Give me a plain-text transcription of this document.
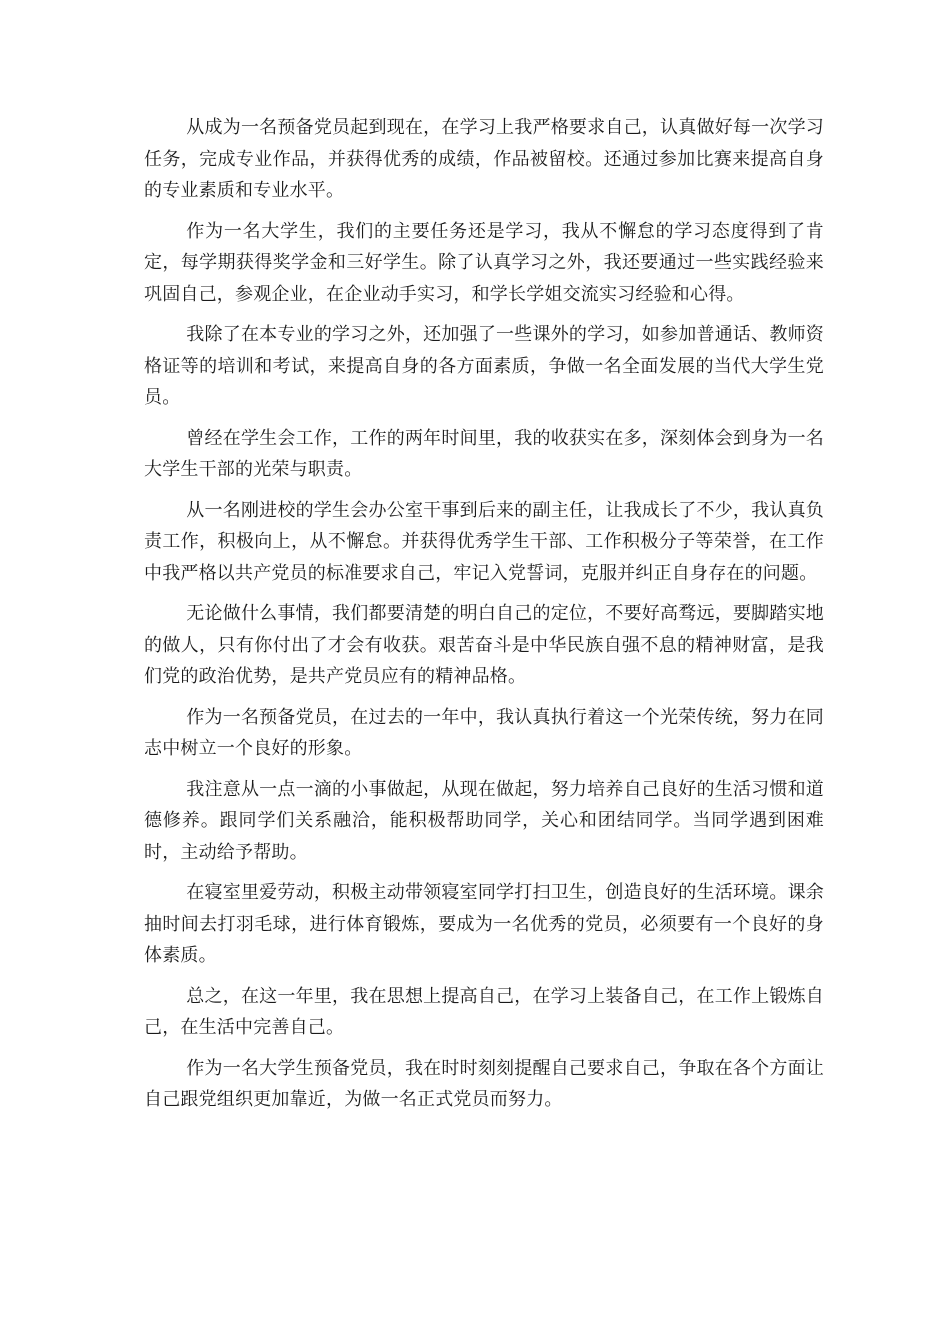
从成为一名预备党员起到现在，在学习上我严格要求自己，认真做好每一次学习任务，完成专业作品，并获得优秀的成绩，作品被留校。还通过参加比赛来提高自身的专业素质和专业水平。

作为一名大学生，我们的主要任务还是学习，我从不懈怠的学习态度得到了肯定，每学期获得奖学金和三好学生。除了认真学习之外，我还要通过一些实践经验来巩固自己，参观企业，在企业动手实习，和学长学姐交流实习经验和心得。

我除了在本专业的学习之外，还加强了一些课外的学习，如参加普通话、教师资格证等的培训和考试，来提高自身的各方面素质，争做一名全面发展的当代大学生党员。

曾经在学生会工作，工作的两年时间里，我的收获实在多，深刻体会到身为一名大学生干部的光荣与职责。

从一名刚进校的学生会办公室干事到后来的副主任，让我成长了不少，我认真负责工作，积极向上，从不懈怠。并获得优秀学生干部、工作积极分子等荣誉，在工作中我严格以共产党员的标准要求自己，牢记入党誓词，克服并纠正自身存在的问题。

无论做什么事情，我们都要清楚的明白自己的定位，不要好高骛远，要脚踏实地的做人，只有你付出了才会有收获。艰苦奋斗是中华民族自强不息的精神财富，是我们党的政治优势，是共产党员应有的精神品格。

作为一名预备党员，在过去的一年中，我认真执行着这一个光荣传统，努力在同志中树立一个良好的形象。

我注意从一点一滴的小事做起，从现在做起，努力培养自己良好的生活习惯和道德修养。跟同学们关系融洽，能积极帮助同学，关心和团结同学。当同学遇到困难时，主动给予帮助。

在寝室里爱劳动，积极主动带领寝室同学打扫卫生，创造良好的生活环境。课余抽时间去打羽毛球，进行体育锻炼，要成为一名优秀的党员，必须要有一个良好的身体素质。

总之，在这一年里，我在思想上提高自己，在学习上装备自己，在工作上锻炼自己，在生活中完善自己。

作为一名大学生预备党员，我在时时刻刻提醒自己要求自己，争取在各个方面让自己跟党组织更加靠近，为做一名正式党员而努力。
